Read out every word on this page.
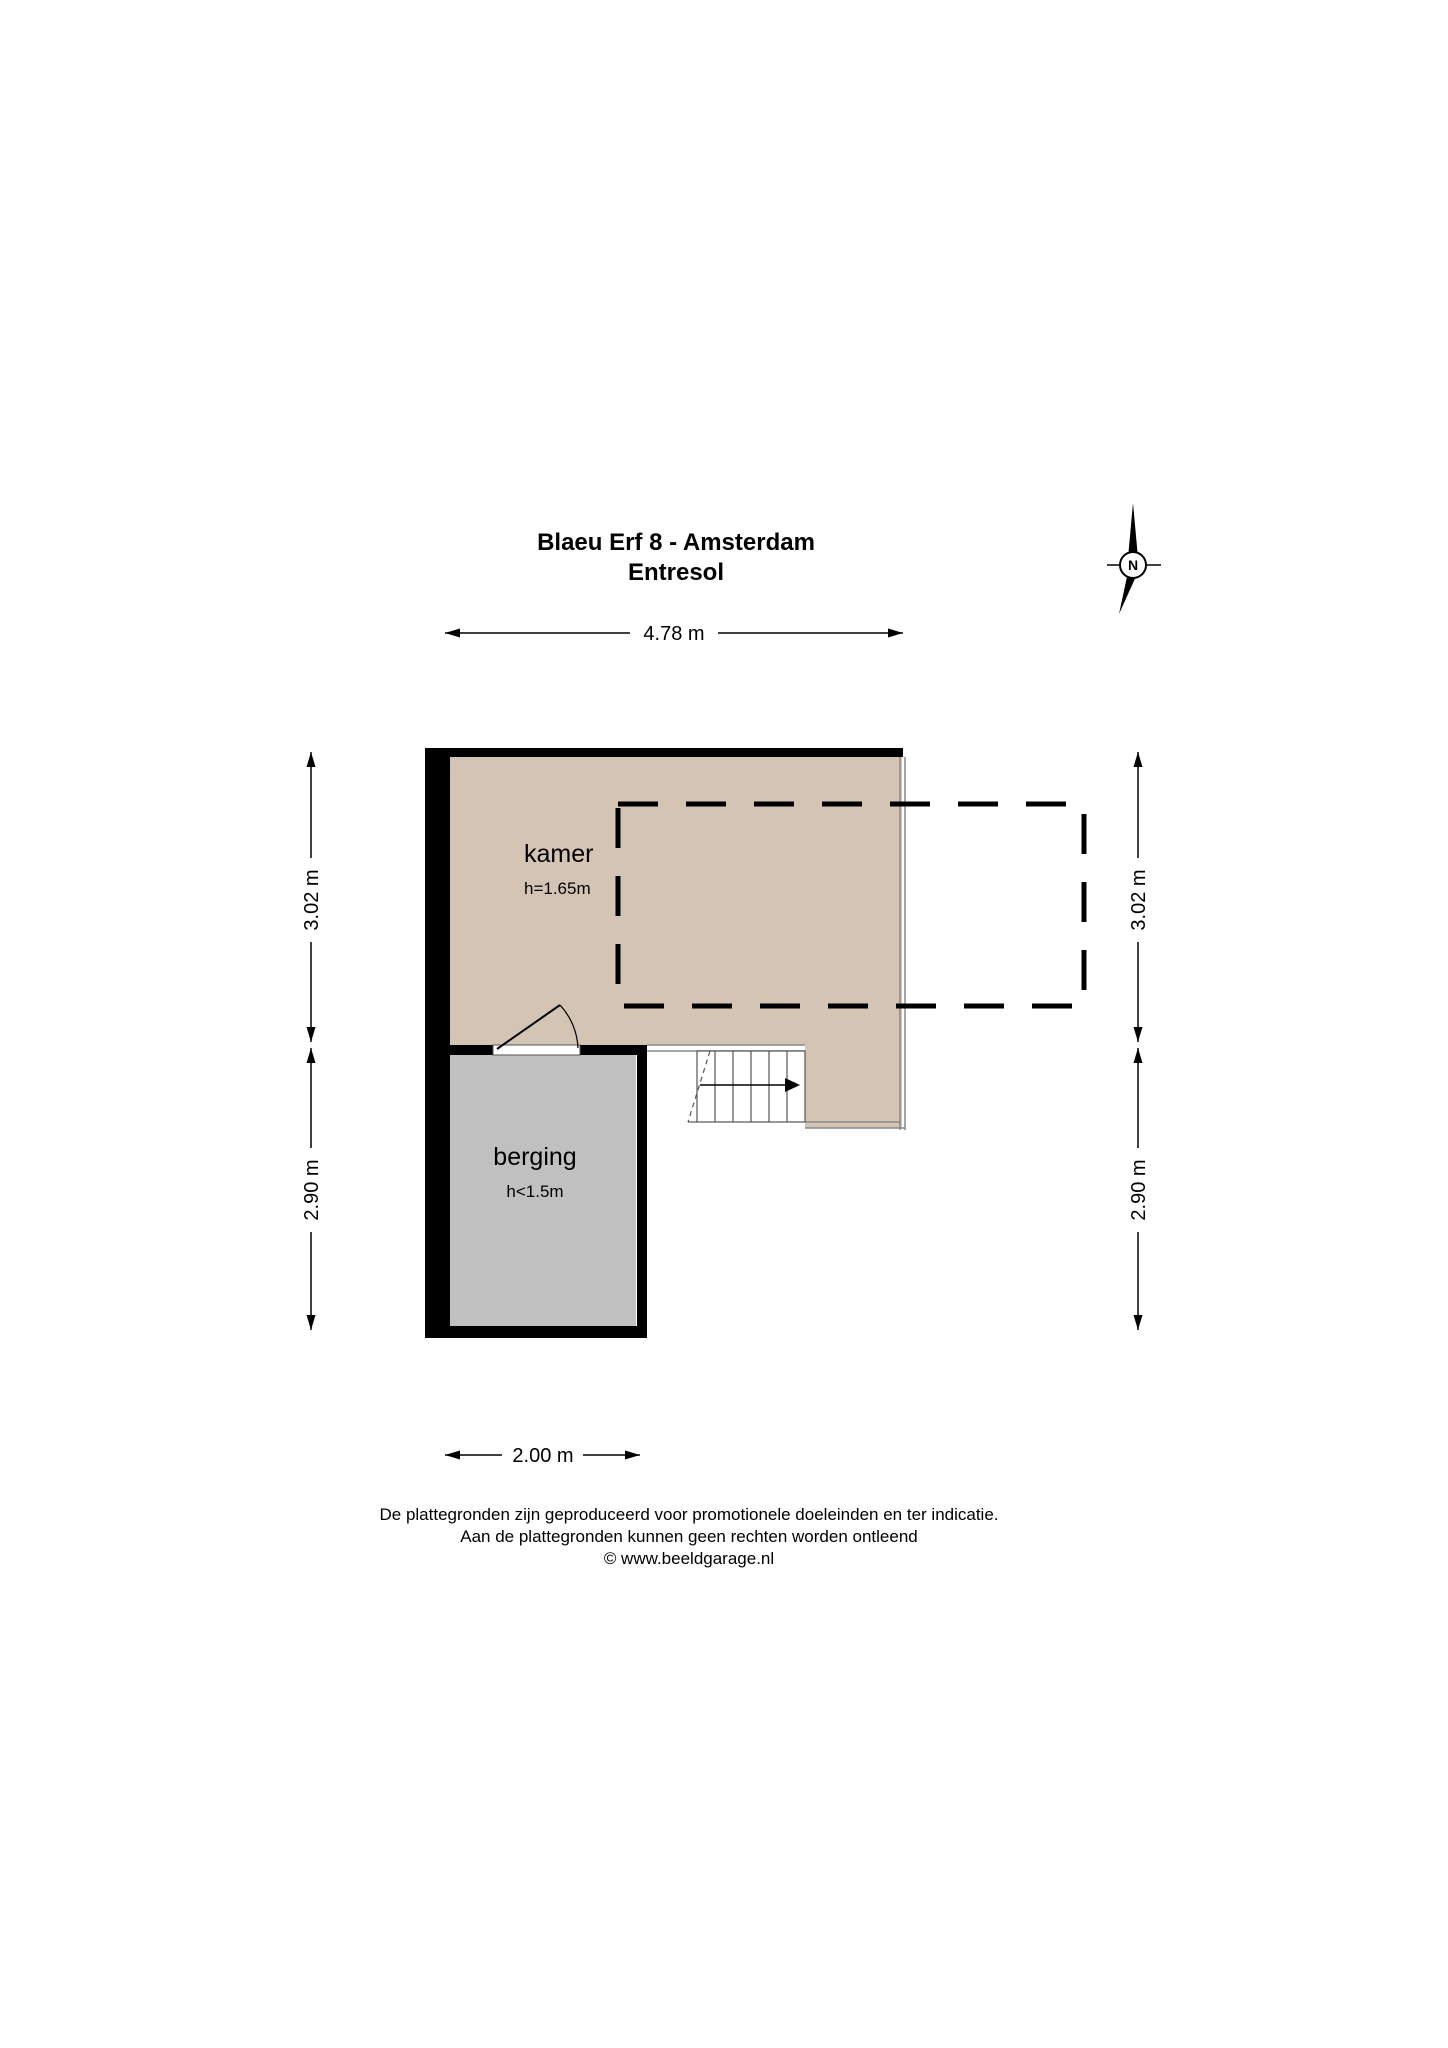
Blaeu Erf 8 - Amsterdam
Entresol	N
4.78 m
3.02 m
2.90 m
3.02 m
2.90 m
kamer
h=1.65m
berging
h<1.5m
2.00 m
De plattegronden zijn geproduceerd voor promotionele doeleinden en ter indicatie.
Aan de plattegronden kunnen geen rechten worden ontleend
© www.beeldgarage.nl
